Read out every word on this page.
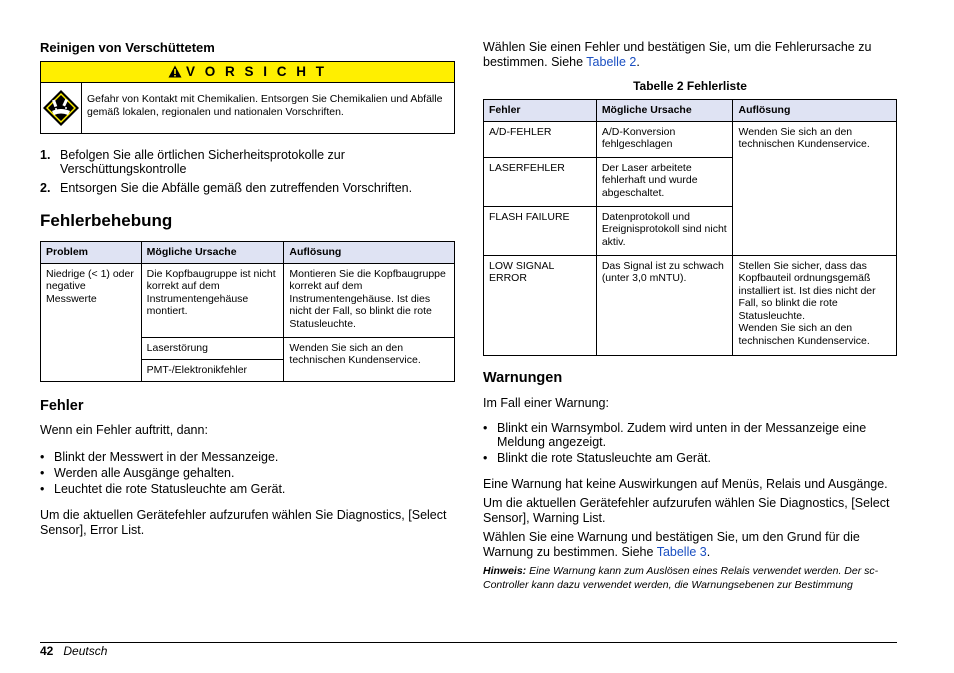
Reinigen von Verschüttetem
V O R S I C H T
Gefahr von Kontakt mit Chemikalien. Entsorgen Sie Chemikalien und Abfälle gemäß lokalen, regionalen und nationalen Vorschriften.
1. Befolgen Sie alle örtlichen Sicherheitsprotokolle zur Verschüttungskontrolle
2. Entsorgen Sie die Abfälle gemäß den zutreffenden Vorschriften.
Fehlerbehebung
Problem	Mögliche Ursache	Auflösung
Niedrige (< 1) oder negative Messwerte	Die Kopfbaugruppe ist nicht korrekt auf dem Instrumentengehäuse montiert.	Montieren Sie die Kopfbaugruppe korrekt auf dem Instrumentengehäuse. Ist dies nicht der Fall, so blinkt die rote Statusleuchte.
	Laserstörung	Wenden Sie sich an den technischen Kundenservice.
	PMT-/Elektronikfehler	
Fehler

Wenn ein Fehler auftritt, dann:

• Blinkt der Messwert in der Messanzeige.
• Werden alle Ausgänge gehalten.
• Leuchtet die rote Statusleuchte am Gerät.

Um die aktuellen Gerätefehler aufzurufen wählen Sie Diagnostics, [Select Sensor], Error List.

Wählen Sie einen Fehler und bestätigen Sie, um die Fehlerursache zu bestimmen. Siehe Tabelle 2.

Tabelle 2 Fehlerliste
Fehler	Mögliche Ursache	Auflösung
A/D-FEHLER	A/D-Konversion fehlgeschlagen	Wenden Sie sich an den technischen Kundenservice.
LASERFEHLER	Der Laser arbeitete fehlerhaft und wurde abgeschaltet.	
FLASH FAILURE	Datenprotokoll und Ereignisprotokoll sind nicht aktiv.	
LOW SIGNAL ERROR	Das Signal ist zu schwach (unter 3,0 mNTU).	Stellen Sie sicher, dass das Kopfbauteil ordnungsgemäß installiert ist. Ist dies nicht der Fall, so blinkt die rote Statusleuchte.
Wenden Sie sich an den technischen Kundenservice.
Warnungen

Im Fall einer Warnung:

• Blinkt ein Warnsymbol. Zudem wird unten in der Messanzeige eine Meldung angezeigt.
• Blinkt die rote Statusleuchte am Gerät.

Eine Warnung hat keine Auswirkungen auf Menüs, Relais und Ausgänge.

Um die aktuellen Gerätefehler aufzurufen wählen Sie Diagnostics, [Select Sensor], Warning List.

Wählen Sie eine Warnung und bestätigen Sie, um den Grund für die Warnung zu bestimmen. Siehe Tabelle 3.

Hinweis: Eine Warnung kann zum Auslösen eines Relais verwendet werden. Der sc-Controller kann dazu verwendet werden, die Warnungsebenen zur Bestimmung

42 Deutsch
